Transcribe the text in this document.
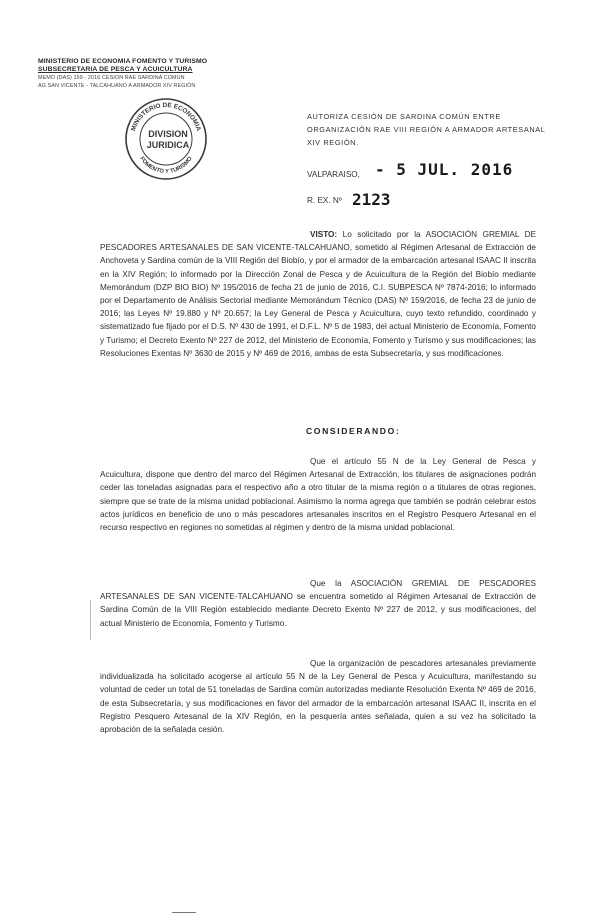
MINISTERIO DE ECONOMIA FOMENTO Y TURISMO
SUBSECRETARIA DE PESCA Y ACUICULTURA
MEMO (DAS) 159 - 2016 CESION RAE SARDINA COMUN
AG SAN VICENTE - TALCAHUANO A ARMADOR XIV REGIÓN
MINISTERIO DE ECONOMIA
FOMENTO Y TURISMO
DIVISION
JURIDICA
AUTORIZA CESIÓN DE SARDINA COMÚN ENTRE ORGANIZACIÓN RAE VIII REGIÓN A ARMADOR ARTESANAL XIV REGIÓN.
VALPARAISO, - 5 JUL. 2016
R. EX. Nº 2123
VISTO: Lo solicitado por la ASOCIACIÓN GREMIAL DE PESCADORES ARTESANALES DE SAN VICENTE-TALCAHUANO, sometido al Régimen Artesanal de Extracción de Anchoveta y Sardina común de la VIII Región del Biobío, y por el armador de la embarcación artesanal ISAAC II inscrita en la XIV Región; lo informado por la Dirección Zonal de Pesca y de Acuicultura de la Región del Biobío mediante Memorándum (DZP BIO BIO) Nº 195/2016 de fecha 21 de junio de 2016, C.I. SUBPESCA Nº 7874-2016; lo informado por el Departamento de Análisis Sectorial mediante Memorándum Técnico (DAS) Nº 159/2016, de fecha 23 de junio de 2016; las Leyes Nº 19.880 y Nº 20.657; la Ley General de Pesca y Acuicultura, cuyo texto refundido, coordinado y sistematizado fue fijado por el D.S. Nº 430 de 1991, el D.F.L. Nº 5 de 1983, del actual Ministerio de Economía, Fomento y Turismo; el Decreto Exento Nº 227 de 2012, del Ministerio de Economía, Fomento y Turismo y sus modificaciones; las Resoluciones Exentas Nº 3630 de 2015 y Nº 469 de 2016, ambas de esta Subsecretaría, y sus modificaciones.
CONSIDERANDO:
Que el artículo 55 N de la Ley General de Pesca y Acuicultura, dispone que dentro del marco del Régimen Artesanal de Extracción, los titulares de asignaciones podrán ceder las toneladas asignadas para el respectivo año a otro titular de la misma región o a titulares de otras regiones, siempre que se trate de la misma unidad poblacional. Asimismo la norma agrega que también se podrán celebrar estos actos jurídicos en beneficio de uno o más pescadores artesanales inscritos en el Registro Pesquero Artesanal en el recurso respectivo en regiones no sometidas al régimen y dentro de la misma unidad poblacional.
Que la ASOCIACIÓN GREMIAL DE PESCADORES ARTESANALES DE SAN VICENTE-TALCAHUANO se encuentra sometido al Régimen Artesanal de Extracción de Sardina Común de la VIII Región establecido mediante Decreto Exento Nº 227 de 2012, y sus modificaciones, del actual Ministerio de Economía, Fomento y Turismo.
Que la organización de pescadores artesanales previamente individualizada ha solicitado acogerse al artículo 55 N de la Ley General de Pesca y Acuicultura, manifestando su voluntad de ceder un total de 51 toneladas de Sardina común autorizadas mediante Resolución Exenta Nº 469 de 2016, de esta Subsecretaría, y sus modificaciones en favor del armador de la embarcación artesanal ISAAC II, inscrita en el Registro Pesquero Artesanal de la XIV Región, en la pesquería antes señalada, quien a su vez ha solicitado la aprobación de la señalada cesión.
